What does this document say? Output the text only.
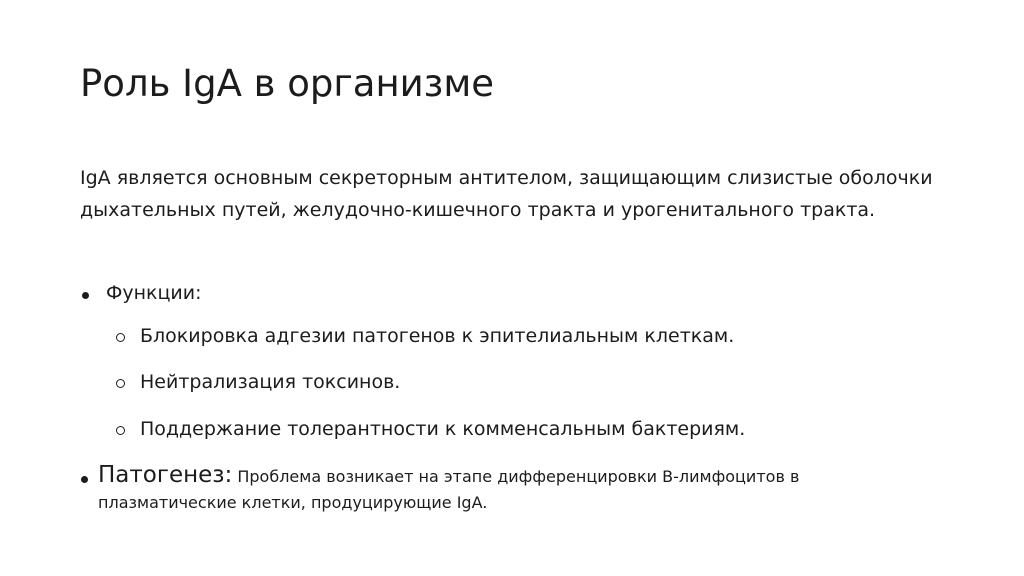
Роль IgA в организме
IgA является основным секреторным антителом, защищающим слизистые оболочки дыхательных путей, желудочно-кишечного тракта и урогенитального тракта.
Функции:
Блокировка адгезии патогенов к эпителиальным клеткам.
Нейтрализация токсинов.
Поддержание толерантности к комменсальным бактериям.
Патогенез: Проблема возникает на этапе дифференцировки B-лимфоцитов в плазматические клетки, продуцирующие IgA.
